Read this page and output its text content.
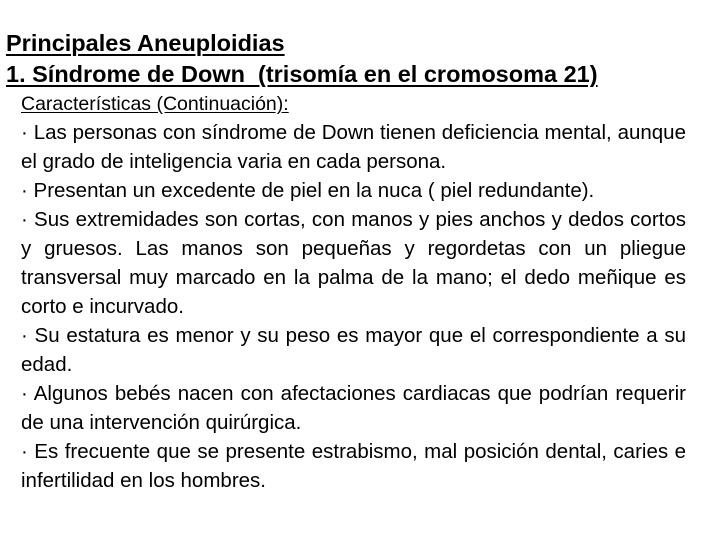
Principales Aneuploidias
1. Síndrome de Down  (trisomía en el cromosoma 21)
Características (Continuación):

· Las personas con síndrome de Down tienen deficiencia mental, aunque el grado de inteligencia varia en cada persona.

· Presentan un excedente de piel en la nuca ( piel redundante).

· Sus extremidades son cortas, con manos y pies anchos y dedos cortos y gruesos. Las manos son pequeñas y regordetas con un pliegue transversal muy marcado en la palma de la mano; el dedo meñique es corto e incurvado.

· Su estatura es menor y su peso es mayor que el correspondiente a su edad.

· Algunos bebés nacen con afectaciones cardiacas que podrían requerir de una intervención quirúrgica.

· Es frecuente que se presente estrabismo, mal posición dental, caries e infertilidad en los hombres.
